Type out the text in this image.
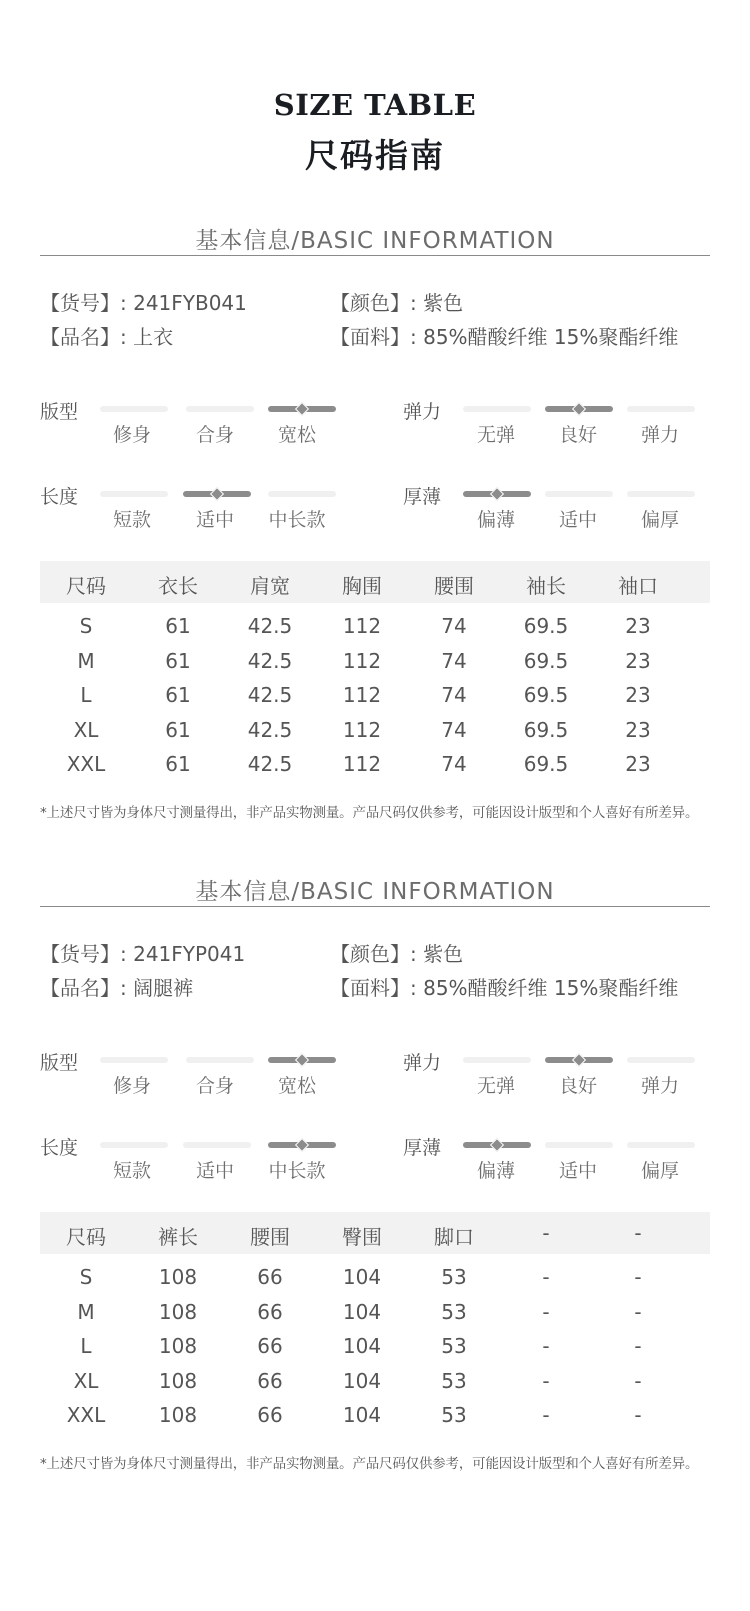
SIZE TABLE
尺码指南
基本信息/BASIC INFORMATION
【货号】: 241FYB041	【颜色】: 紫色
【品名】: 上衣	【面料】: 85%醋酸纤维 15%聚酯纤维
版型
修身	合身	宽松
弹力
无弹	良好	弹力
长度
短款	适中	中长款
厚薄
偏薄	适中	偏厚
尺码	衣长	肩宽	胸围	腰围	袖长	袖口
S	61	42.5	112	74	69.5	23
M	61	42.5	112	74	69.5	23
L	61	42.5	112	74	69.5	23
XL	61	42.5	112	74	69.5	23
XXL	61	42.5	112	74	69.5	23
*上述尺寸皆为身体尺寸测量得出，非产品实物测量。产品尺码仅供参考，可能因设计版型和个人喜好有所差异。
基本信息/BASIC INFORMATION
【货号】: 241FYP041	【颜色】: 紫色
【品名】: 阔腿裤	【面料】: 85%醋酸纤维 15%聚酯纤维
版型
修身	合身	宽松
弹力
无弹	良好	弹力
长度
短款	适中	中长款
厚薄
偏薄	适中	偏厚
尺码	裤长	腰围	臀围	脚口	-	-
S	108	66	104	53	-	-
M	108	66	104	53	-	-
L	108	66	104	53	-	-
XL	108	66	104	53	-	-
XXL	108	66	104	53	-	-
*上述尺寸皆为身体尺寸测量得出，非产品实物测量。产品尺码仅供参考，可能因设计版型和个人喜好有所差异。
